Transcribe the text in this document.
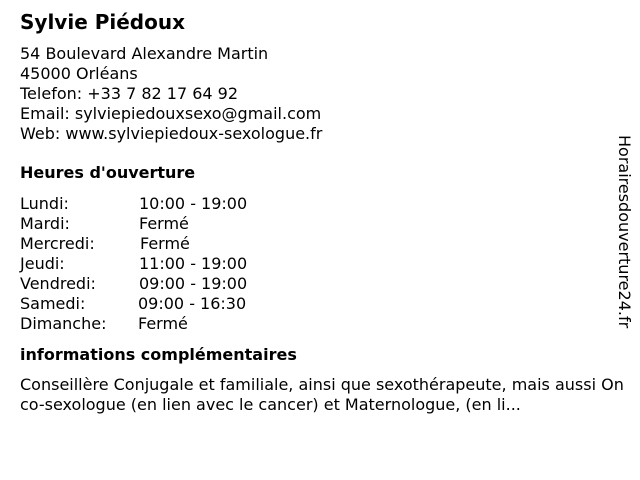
Sylvie Piédoux
54 Boulevard Alexandre Martin
45000 Orléans
Telefon: +33 7 82 17 64 92
Email: sylviepiedouxsexo@gmail.com
Web: www.sylviepiedoux-sexologue.fr
Heures d'ouverture
Lundi:	10:00 - 19:00
Mardi:	Fermé
Mercredi:	Fermé
Jeudi:	11:00 - 19:00
Vendredi:	09:00 - 19:00
Samedi:	09:00 - 16:30
Dimanche: Fermé
informations complémentaires
Conseillère Conjugale et familiale, ainsi que sexothérapeute, mais aussi Onco-sexologue (en lien avec le cancer) et Maternologue, (en li...
Horairesdouverture24.fr
